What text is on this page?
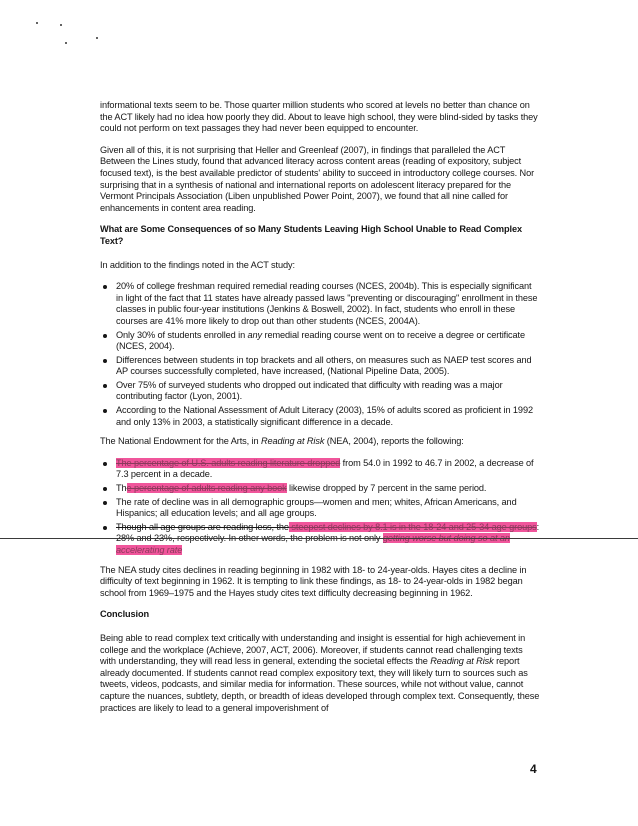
informational texts seem to be. Those quarter million students who scored at levels no better than chance on the ACT likely had no idea how poorly they did. About to leave high school, they were blind-sided by tasks they could not perform on text passages they had never been equipped to encounter.

Given all of this, it is not surprising that Heller and Greenleaf (2007), in findings that paralleled the ACT Between the Lines study, found that advanced literacy across content areas (reading of expository, subject focused text), is the best available predictor of students' ability to succeed in introductory college courses. Nor surprising that in a synthesis of national and international reports on adolescent literacy prepared for the Vermont Principals Association (Liben unpublished Power Point, 2007), we found that all nine called for enhancements in content area reading.

What are Some Consequences of so Many Students Leaving High School Unable to Read Complex Text?

In addition to the findings noted in the ACT study:

20% of college freshman required remedial reading courses (NCES, 2004b). This is especially significant in light of the fact that 11 states have already passed laws "preventing or discouraging" enrollment in these classes in public four-year institutions (Jenkins & Boswell, 2002). In fact, students who enroll in these courses are 41% more likely to drop out than other students (NCES, 2004A).
Only 30% of students enrolled in any remedial reading course went on to receive a degree or certificate (NCES, 2004).
Differences between students in top brackets and all others, on measures such as NAEP test scores and AP courses successfully completed, have increased, (National Pipeline Data, 2005).
Over 75% of surveyed students who dropped out indicated that difficulty with reading was a major contributing factor (Lyon, 2001).
According to the National Assessment of Adult Literacy (2003), 15% of adults scored as proficient in 1992 and only 13% in 2003, a statistically significant difference in a decade.

The National Endowment for the Arts, in Reading at Risk (NEA, 2004), reports the following:

The percentage of U.S. adults reading literature dropped from 54.0 in 1992 to 46.7 in 2002, a decrease of 7.3 percent in a decade.
The percentage of adults reading any book likewise dropped by 7 percent in the same period.
The rate of decline was in all demographic groups—women and men; whites, African Americans, and Hispanics; all education levels; and all age groups.
Though all age groups are reading less, the steepest declines by 8.1 is in the 18-24 and 25-34 age groups: accelerating rate

The NEA study cites declines in reading beginning in 1982 with 18- to 24-year-olds. Hayes cites a decline in difficulty of text beginning in 1962. It is tempting to link these findings, as 18- to 24-year-olds in 1982 began school from 1969–1975 and the Hayes study cites text difficulty decreasing beginning in 1962.

Conclusion

Being able to read complex text critically with understanding and insight is essential for high achievement in college and the workplace (Achieve, 2007, ACT, 2006). Moreover, if students cannot read challenging texts with understanding, they will read less in general, extending the societal effects the Reading at Risk report already documented. If students cannot read complex expository text, they will likely turn to sources such as tweets, videos, podcasts, and similar media for information. These sources, while not without value, cannot capture the nuances, subtlety, depth, or breadth of ideas developed through complex text. Consequently, these practices are likely to lead to a general impoverishment of

4
